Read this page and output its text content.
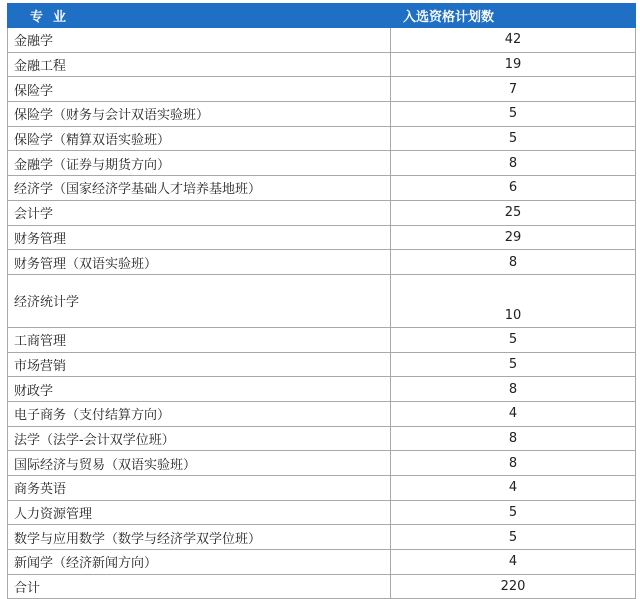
专业	入选资格计划数
金融学	42
金融工程	19
保险学	7
保险学（财务与会计双语实验班）	5
保险学（精算双语实验班）	5
金融学（证券与期货方向）	8
经济学（国家经济学基础人才培养基地班）	6
会计学	25
财务管理	29
财务管理（双语实验班）	8
经济统计学	10
工商管理	5
市场营销	5
财政学	8
电子商务（支付结算方向）	4
法学（法学-会计双学位班）	8
国际经济与贸易（双语实验班）	8
商务英语	4
人力资源管理	5
数学与应用数学（数学与经济学双学位班）	5
新闻学（经济新闻方向）	4
合计	220
